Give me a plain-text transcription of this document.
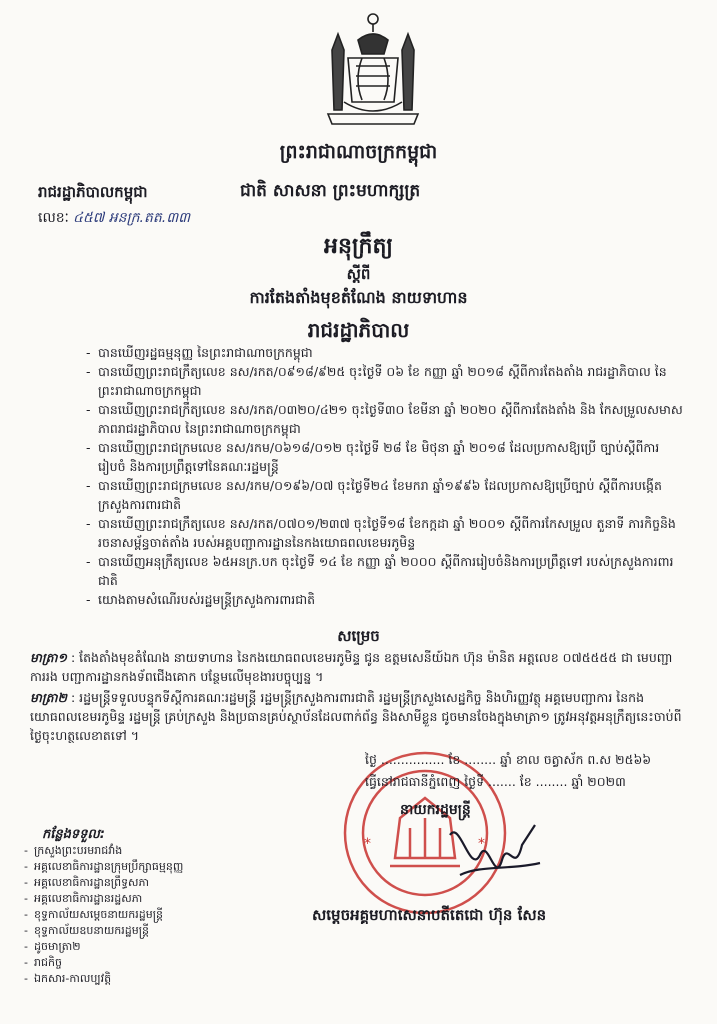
ព្រះរាជាណាចក្រកម្ពុជា
រាជរដ្ឋាភិបាលកម្ពុជា	ជាតិ សាសនា ព្រះមហាក្សត្រ
លេខៈ ៤៥៧ អនក្រ.តត.៣៣
អនុក្រឹត្យ
ស្តីពី
ការតែងតាំងមុខតំណែង នាយទាហាន
រាជរដ្ឋាភិបាល
- បានឃើញរដ្ឋធម្មនុញ្ញ នៃព្រះរាជាណាចក្រកម្ពុជា
- បានឃើញព្រះរាជក្រឹត្យលេខ នស/រកត/០៩១៨/៩២៥ ចុះថ្ងៃទី ០៦ ខែ កញ្ញា ឆ្នាំ ២០១៨ ស្តីពីការតែងតាំង រាជរដ្ឋាភិបាល នៃព្រះរាជាណាចក្រកម្ពុជា
- បានឃើញព្រះរាជក្រឹត្យលេខ នស/រកត/០៣២០/៤២១ ចុះថ្ងៃទី៣០ ខែមីនា ឆ្នាំ ២០២០ ស្តីពីការតែងតាំង និង កែសម្រួលសមាសភាពរាជរដ្ឋាភិបាល នៃព្រះរាជាណាចក្រកម្ពុជា
- បានឃើញព្រះរាជក្រមលេខ នស/រកម/០៦១៨/០១២ ចុះថ្ងៃទី ២៨ ខែ មិថុនា ឆ្នាំ ២០១៨ ដែលប្រកាសឱ្យប្រើ ច្បាប់ស្តីពីការរៀបចំ និងការប្រព្រឹត្តទៅនៃគណៈរដ្ឋមន្ត្រី
- បានឃើញព្រះរាជក្រមលេខ នស/រកម/០១៩៦/០៧ ចុះថ្ងៃទី២៤ ខែមករា ឆ្នាំ១៩៩៦ ដែលប្រកាសឱ្យប្រើច្បាប់ ស្តីពីការបង្កើតក្រសួងការពារជាតិ
- បានឃើញព្រះរាជក្រឹត្យលេខ នស/រកត/០៧០១/២៣៧ ចុះថ្ងៃទី១៨ ខែកក្កដា ឆ្នាំ ២០០១ ស្តីពីការកែសម្រួល តួនាទី ភារកិច្ចនិងរចនាសម្ព័ន្ធចាត់តាំង របស់អគ្គបញ្ជាការដ្ឋាននៃកងយោធពលខេមរភូមិន្ទ
- បានឃើញអនុក្រឹត្យលេខ ៦៥អនក្រ.បក ចុះថ្ងៃទី ១៤ ខែ កញ្ញា ឆ្នាំ ២០០០ ស្តីពីការរៀបចំនិងការប្រព្រឹត្តទៅ របស់ក្រសួងការពារជាតិ
- យោងតាមសំណើរបស់រដ្ឋមន្ត្រីក្រសួងការពារជាតិ
សម្រេច
មាត្រា១ : តែងតាំងមុខតំណែង នាយទាហាន នៃកងយោធពលខេមរភូមិន្ទ ជូន ឧត្តមសេនីយ៍ឯក ហ៊ុន ម៉ានិត អត្តលេខ ០៧៥៥៥៥ ជា មេបញ្ជាការរង បញ្ជាការដ្ឋានកងទ័ពជើងគោក បន្ថែមលើមុខងារបច្ចុប្បន្ន ។
មាត្រា២ : រដ្ឋមន្ត្រីទទួលបន្ទុកទីស្តីការគណៈរដ្ឋមន្ត្រី រដ្ឋមន្ត្រីក្រសួងការពារជាតិ រដ្ឋមន្ត្រីក្រសួងសេដ្ឋកិច្ច និងហិរញ្ញវត្ថុ អគ្គមេបញ្ជាការ នៃកងយោធពលខេមរភូមិន្ទ រដ្ឋមន្ត្រី គ្រប់ក្រសួង និងប្រធានគ្រប់ស្ថាប័នដែលពាក់ព័ន្ធ និងសាមីខ្លួន ជូចមានចែងក្នុងមាត្រា១ ត្រូវអនុវត្តអនុក្រឹត្យនេះចាប់ពីថ្ងៃចុះហត្ថលេខាតទៅ ។
*	*
ថ្ងៃ ................ ខែ ........ ឆ្នាំ ខាល ចត្វាស័ក ព.ស ២៥៦៦
ធ្វើនៅរាជធានីភ្នំពេញ ថ្ងៃទី ....... ខែ ........ ឆ្នាំ ២០២៣
នាយករដ្ឋមន្ត្រី
សម្តេចអគ្គមហាសេនាបតីតេជោ ហ៊ុន សែន
កន្លែងទទួល:
- ក្រសួងព្រះបរមរាជវាំង
- អគ្គលេខាធិការដ្ឋានក្រុមប្រឹក្សាធម្មនុញ្ញ
- អគ្គលេខាធិការដ្ឋានព្រឹទ្ធសភា
- អគ្គលេខាធិការដ្ឋានរដ្ឋសភា
- ខុទ្ទកាល័យសម្តេចនាយករដ្ឋមន្ត្រី
- ខុទ្ទកាល័យឧបនាយករដ្ឋមន្ត្រី
- ដូចមាត្រា២
- រាជកិច្ច
- ឯកសារ-កាលប្បវត្តិ
